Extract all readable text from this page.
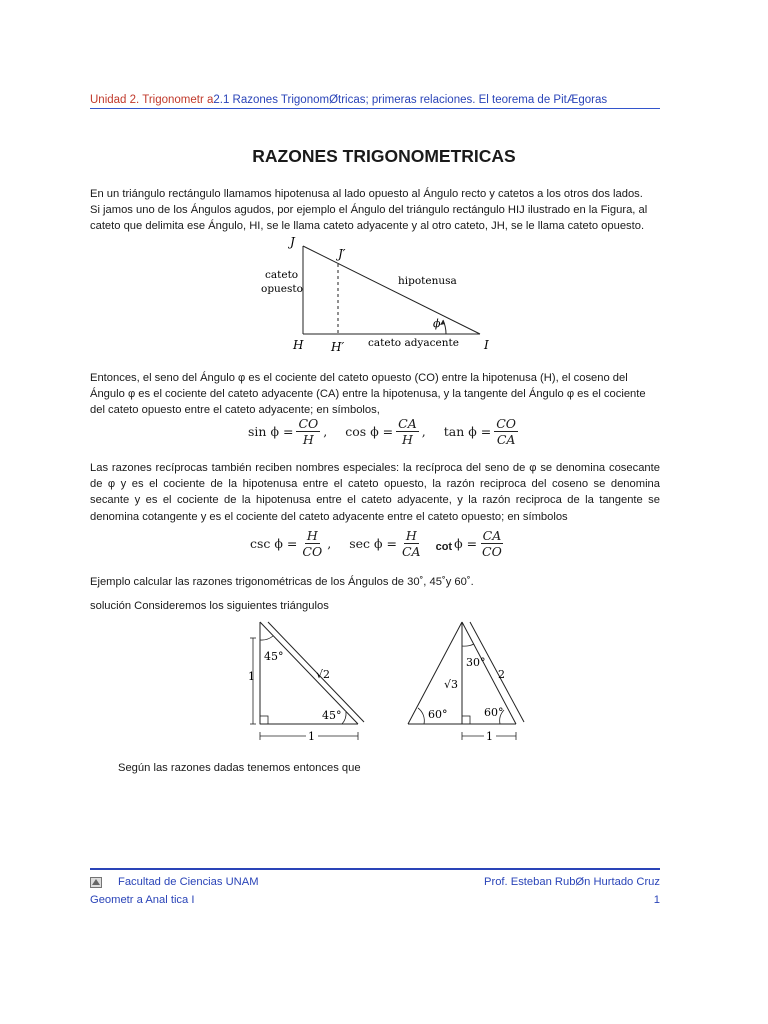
Unidad 2. Trigonometr a2.1 Razones TrigonomØtricas; primeras relaciones. El teorema de PitÆgoras
RAZONES TRIGONOMETRICAS
En un triángulo rectángulo llamamos hipotenusa al lado opuesto al Ángulo recto y catetos a los otros dos lados.
Si jamos uno de los Ángulos agudos, por ejemplo el Ángulo del triángulo rectángulo HIJ ilustrado en la Figura, al
cateto que delimita ese Ángulo, HI, se le llama cateto adyacente y al otro cateto, JH, se le llama cateto opuesto.
J
J′
H H′	I
ϕ
cateto
opuesto
hipotenusa
cateto adyacente
Entonces, el seno del Ángulo φ es el cociente del cateto opuesto (CO) entre la hipotenusa (H), el coseno del
Ángulo φ es el cociente del cateto adyacente (CA) entre la hipotenusa, y la tangente del Ángulo φ es el cociente
del cateto opuesto entre el cateto adyacente; en símbolos,
$\sin \phi = \frac{CO}{H}$ , $\cos \phi = \frac{CA}{H}$ , $\tan \phi = \frac{CO}{CA}$
Las razones recíprocas también reciben nombres especiales: la recíproca del seno de φ se denomina cosecante
de φ y es el cociente de la hipotenusa entre el cateto opuesto, la razón reciproca del coseno se denomina
secante y es el cociente de la hipotenusa entre el cateto adyacente, y la razón reciproca de la tangente se
denomina cotangente y es el cociente del cateto adyacente entre el cateto opuesto; en símbolos
$\csc \phi = \frac{H}{CO}$ , $\sec \phi = \frac{H}{CA}$ $\cot \phi = \frac{CA}{CO}$
Ejemplo calcular las razones trigonométricas de los Ángulos de 30˚, 45˚y 60˚.
solución Consideremos los siguientes triángulos
45°
45°
√2
1
1
30°
60°	60°
√3
2
1
Según las razones dadas tenemos entonces que
Facultad de Ciencias UNAM	Prof. Esteban RubØn Hurtado Cruz
Geometr a Anal tica I	1
